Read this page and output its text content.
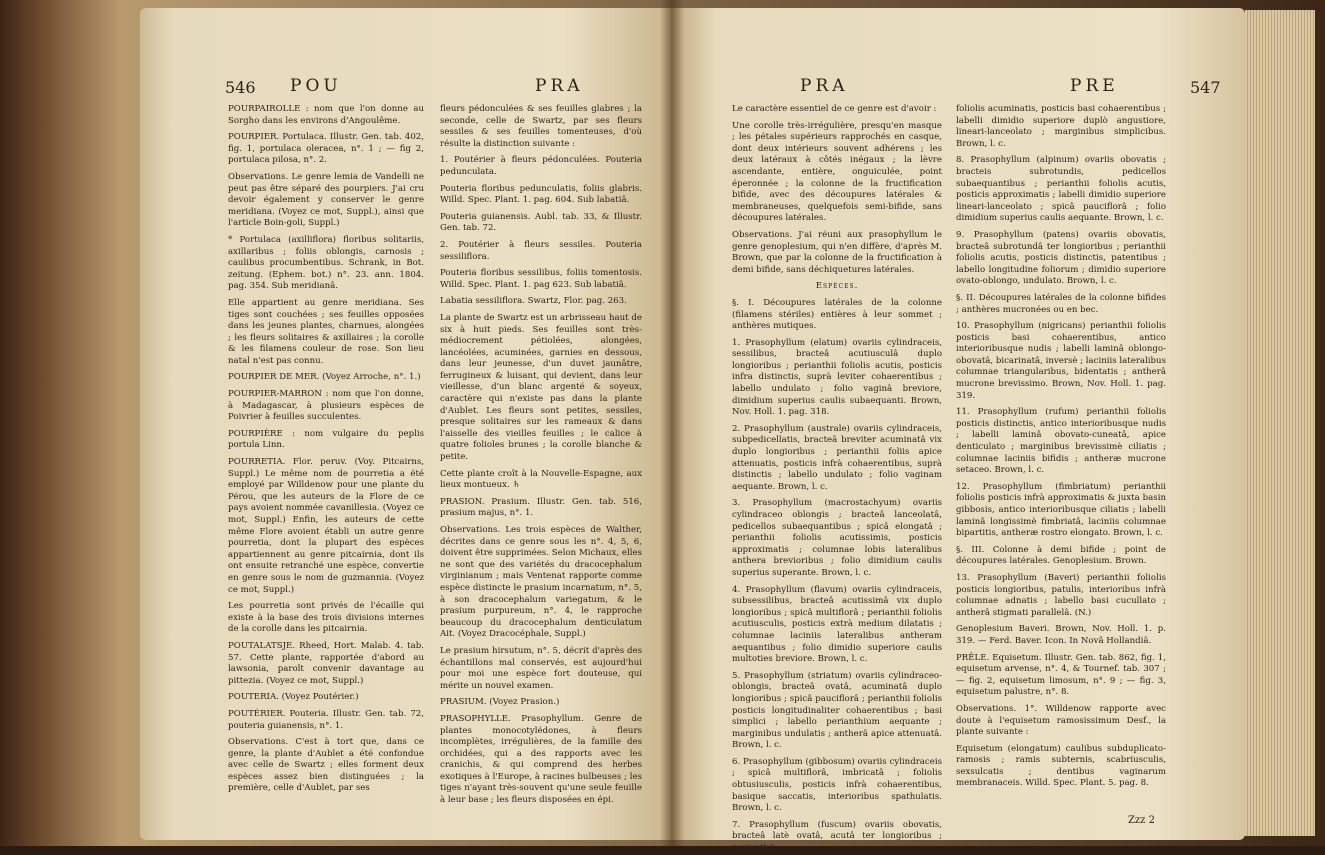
546 POU	PRA

POURPAIROLLE : nom que l'on donne au Sorgho dans les environs d'Angoulême.

POURPIER. Portulaca. Illustr. Gen. tab. 402, fig. 1, portulaca oleracea, n°. 1 ; — fig 2, portulaca pilosa, n°. 2.

Observations. Le genre lemia de Vandelli ne peut pas être séparé des pourpiers. J'ai cru devoir également y conserver le genre meridiana. (Voyez ce mot, Suppl.), ainsi que l'article Boin-goli, Suppl.)

* Portulaca (axilliflora) floribus solitariis, axillaribus ; foliis oblongis, carnosis ; caulibus procumbentibus. Schrank, in Bot. zeitung. (Ephem. bot.) n°. 23. ann. 1804. pag. 354. Sub meridianâ.

Elle appartient au genre meridiana. Ses tiges sont couchées ; ses feuilles opposées dans les jeunes plantes, charnues, alongées ; les fleurs solitaires & axillaires ; la corolle & les filamens couleur de rose. Son lieu natal n'est pas connu.

POURPIER DE MER. (Voyez Arroche, n°. 1.)

POURPIER-MARRON : nom que l'on donne, à Madagascar, à plusieurs espèces de Poivrier à feuilles succulentes.

POURPIÈRE : nom vulgaire du peplis portula Linn.

POURRETIA. Flor. peruv. (Voy. Pitcairns, Suppl.) Le même nom de pourretia a été employé par Willdenow pour une plante du Pérou, que les auteurs de la Flore de ce pays avoient nommée cavanillesia. (Voyez ce mot, Suppl.) Enfin, les auteurs de cette même Flore avoient établi un autre genre pourretia, dont la plupart des espèces appartiennent au genre pitcairnia, dont ils ont ensuite retranché une espèce, convertie en genre sous le nom de guzmannia. (Voyez ce mot, Suppl.)

Les pourretia sont privés de l'écaille qui existe à la base des trois divisions internes de la corolle dans les pitcairnia.

POUTALATSJE. Rheed, Hort. Malab. 4. tab. 57. Cette plante, rapportée d'abord au lawsonia, paroît convenir davantage au pittezia. (Voyez ce mot, Suppl.)

POUTERIA. (Voyez Poutérier.)

POUTÉRIER. Pouteria. Illustr. Gen. tab. 72, pouteria guianensis, n°. 1.

Observations. C'est à tort que, dans ce genre, la plante d'Aublet a été confondue avec celle de Swartz ; elles forment deux espèces assez bien distinguées ; la première, celle d'Aublet, par ses

fleurs pédonculées & ses feuilles glabres ; la seconde, celle de Swartz, par ses fleurs sessiles & ses feuilles tomenteuses, d'où résulte la distinction suivante :

1. Poutérier à fleurs pédonculées. Pouteria pedunculata.

Pouteria floribus pedunculatis, foliis glabris. Willd. Spec. Plant. 1. pag. 604. Sub labatiâ.

Pouteria guianensis. Aubl. tab. 33, & Illustr. Gen. tab. 72.

2. Poutérier à fleurs sessiles. Pouteria sessiliflora.

Pouteria floribus sessilibus, foliis tomentosis. Willd. Spec. Plant. 1. pag 623. Sub labatiâ.

Labatia sessiliflora. Swartz, Flor. pag. 263.

La plante de Swartz est un arbrisseau haut de six à huit pieds. Ses feuilles sont très-médiocrement pétiolées, alongées, lancéolées, acuminées, garnies en dessous, dans leur jeunesse, d'un duvet jaunâtre, ferrugineux & luisant, qui devient, dans leur vieillesse, d'un blanc argenté & soyeux, caractère qui n'existe pas dans la plante d'Aublet. Les fleurs sont petites, sessiles, presque solitaires sur les rameaux & dans l'aisselle des vieilles feuilles ; le calice à quatre folioles brunes ; la corolle blanche & petite.

Cette plante croît à la Nouvelle-Espagne, aux lieux montueux. ♄

PRASION. Prasium. Illustr. Gen. tab. 516, prasium majus, n°. 1.

Observations. Les trois espèces de Walther, décrites dans ce genre sous les n°. 4, 5, 6, doivent être supprimées. Selon Michaux, elles ne sont que des variétés du dracocephalum virginianum ; mais Ventenat rapporte comme espèce distincte le prasium incarnatum, n°. 5, à son dracocephalum variegatum, & le prasium purpureum, n°. 4, le rapproche beaucoup du dracocephalum denticulatum Ait. (Voyez Dracocéphale, Suppl.)

Le prasium hirsutum, n°. 5, décrit d'après des échantillons mal conservés, est aujourd'hui pour moi une espèce fort douteuse, qui mérite un nouvel examen.

PRASIUM. (Voyez Prasion.)

PRASOPHYLLE. Prasophyllum. Genre de plantes monocotylédones, à fleurs incomplètes, irrégulières, de la famille des orchidées, qui a des rapports avec les cranichis, & qui comprend des herbes exotiques à l'Europe, à racines bulbeuses ; les tiges n'ayant très-souvent qu'une seule feuille à leur base ; les fleurs disposées en épi.

PRA	PRE	547

Le caractère essentiel de ce genre est d'avoir :

Une corolle très-irrégulière, presqu'en masque ; les pétales supérieurs rapprochés en casque, dont deux intérieurs souvent adhérens ; les deux latéraux à côtés inégaux ; la lèvre ascendante, entière, onguiculée, point éperonnée ; la colonne de la fructification bifide, avec des découpures latérales & membraneuses, quelquefois semi-bifide, sans découpures latérales.

Observations. J'ai réuni aux prasophyllum le genre genoplesium, qui n'en diffère, d'après M. Brown, que par la colonne de la fructification à demi bifide, sans déchiquetures latérales.

Espèces.

§. I. Découpures latérales de la colonne (filamens stériles) entières à leur sommet ; anthères mutiques.

1. Prasophyllum (elatum) ovariis cylindraceis, sessilibus, bracteâ acutiusculâ duplo longioribus ; perianthii foliolis acutis, posticis infra distinctis, suprà leviter cohaerentibus ; labello undulato ; folio vaginâ breviore, dimidium superius caulis subaequanti. Brown, Nov. Holl. 1. pag. 318.

2. Prasophyllum (australe) ovariis cylindraceis, subpedicellatis, bracteâ breviter acuminatâ vix duplo longioribus ; perianthii foliis apice attenuatis, posticis infrà cohaerentibus, suprà distinctis ; labello undulato ; folio vaginam aequante. Brown, l. c.

3. Prasophyllum (macrostachyum) ovariis cylindraceo oblongis ; bracteâ lanceolatâ, pedicellos subaequantibus ; spicâ elongatâ ; perianthii foliolis acutissimis, posticis approximatis ; columnae lobis lateralibus anthera brevioribus ; folio dimidium caulis superius superante. Brown, l. c.

4. Prasophyllum (flavum) ovariis cylindraceis, subsessilibus, bracteâ acutissimâ vix duplo longioribus ; spicâ multiflorâ ; perianthii foliolis acutiusculis, posticis extrà medium dilatatis ; columnae laciniis lateralibus antheram aequantibus ; folio dimidio superiore caulis multoties breviore. Brown, l. c.

5. Prasophyllum (striatum) ovariis cylindraceo-oblongis, bracteâ ovatâ, acuminatâ duplo longioribus ; spicâ pauciflorâ ; perianthii foliolis posticis longitudinaliter cohaerentibus ; basi simplici ; labello perianthium aequante ; marginibus undulatis ; antherâ apice attenuatâ. Brown, l. c.

6. Prasophyllum (gibbosum) ovariis cylindraceis ; spicâ multiflorâ, imbricatâ ; foliolis obtusiusculis, posticis infrà cohaerentibus, basique saccatis, interioribus spathulatis. Brown, l. c.

7. Prasophyllum (fuscum) ovariis obovatis, bracteâ latè ovatâ, acutâ ter longioribus ; perianthii

foliolis acuminatis, posticis basi cohaerentibus ; labelli dimidio superiore duplò angustiore, lineari-lanceolato ; marginibus simplicibus. Brown, l. c.

8. Prasophyllum (alpinum) ovariis obovatis ; bracteis subrotundis, pedicellos subaequantibus ; perianthii foliolis acutis, posticis approximatis ; labelli dimidio superiore lineari-lanceolato ; spicâ pauciflorâ ; folio dimidium superius caulis aequante. Brown, l. c.

9. Prasophyllum (patens) ovariis obovatis, bracteâ subrotundâ ter longioribus ; perianthii foliolis acutis, posticis distinctis, patentibus ; labello longitudine foliorum ; dimidio superiore ovato-oblongo, undulato. Brown, l. c.

§. II. Découpures latérales de la colonne bifides ; anthères mucronées ou en bec.

10. Prasophyllum (nigricans) perianthii foliolis posticis basi cohaerentibus, antico interioribusque nudis ; labelli laminâ oblongo-obovatâ, bicarinatâ, inversè ; laciniis lateralibus columnae triangularibus, bidentatis ; antherâ mucrone brevissimo. Brown, Nov. Holl. 1. pag. 319.

11. Prasophyllum (rufum) perianthii foliolis posticis distinctis, antico interioribusque nudis ; labelli laminâ obovato-cuneatâ, apice denticulato ; marginibus brevissimè ciliatis ; columnae laciniis bifidis ; antheræ mucrone setaceo. Brown, l. c.

12. Prasophyllum (fimbriatum) perianthii foliolis posticis infrà approximatis & juxta basin gibbosis, antico interioribusque ciliatis ; labelli laminâ longissimè fimbriatâ, laciniis columnae bipartitis, antheræ rostro elongato. Brown, l. c.

§. III. Colonne à demi bifide ; point de découpures latérales. Genoplesium. Brown.

13. Prasophyllum (Baveri) perianthii foliolis posticis longioribus, patulis, interioribus infrà columnae adnatis ; labello basi cucullato ; antherâ stigmati parallelâ. (N.)

Genoplesium Baveri. Brown, Nov. Holl. 1. p. 319. — Ferd. Baver. Icon. In Novâ Hollandiâ.

PRÊLE. Equisetum. Illustr. Gen. tab. 862, fig. 1, equisetum arvense, n°. 4, & Tournef. tab. 307 ; — fig. 2, equisetum limosum, n°. 9 ; — fig. 3, equisetum palustre, n°. 8.

Observations. 1°. Willdenow rapporte avec doute à l'equisetum ramosissimum Desf., la plante suivante :

Equisetum (elongatum) caulibus subduplicato-ramosis ; ramis subternis, scabriusculis, sexsulcatis ; dentibus vaginarum membranaceis. Willd. Spec. Plant. 5. pag. 8.

Zzz 2
